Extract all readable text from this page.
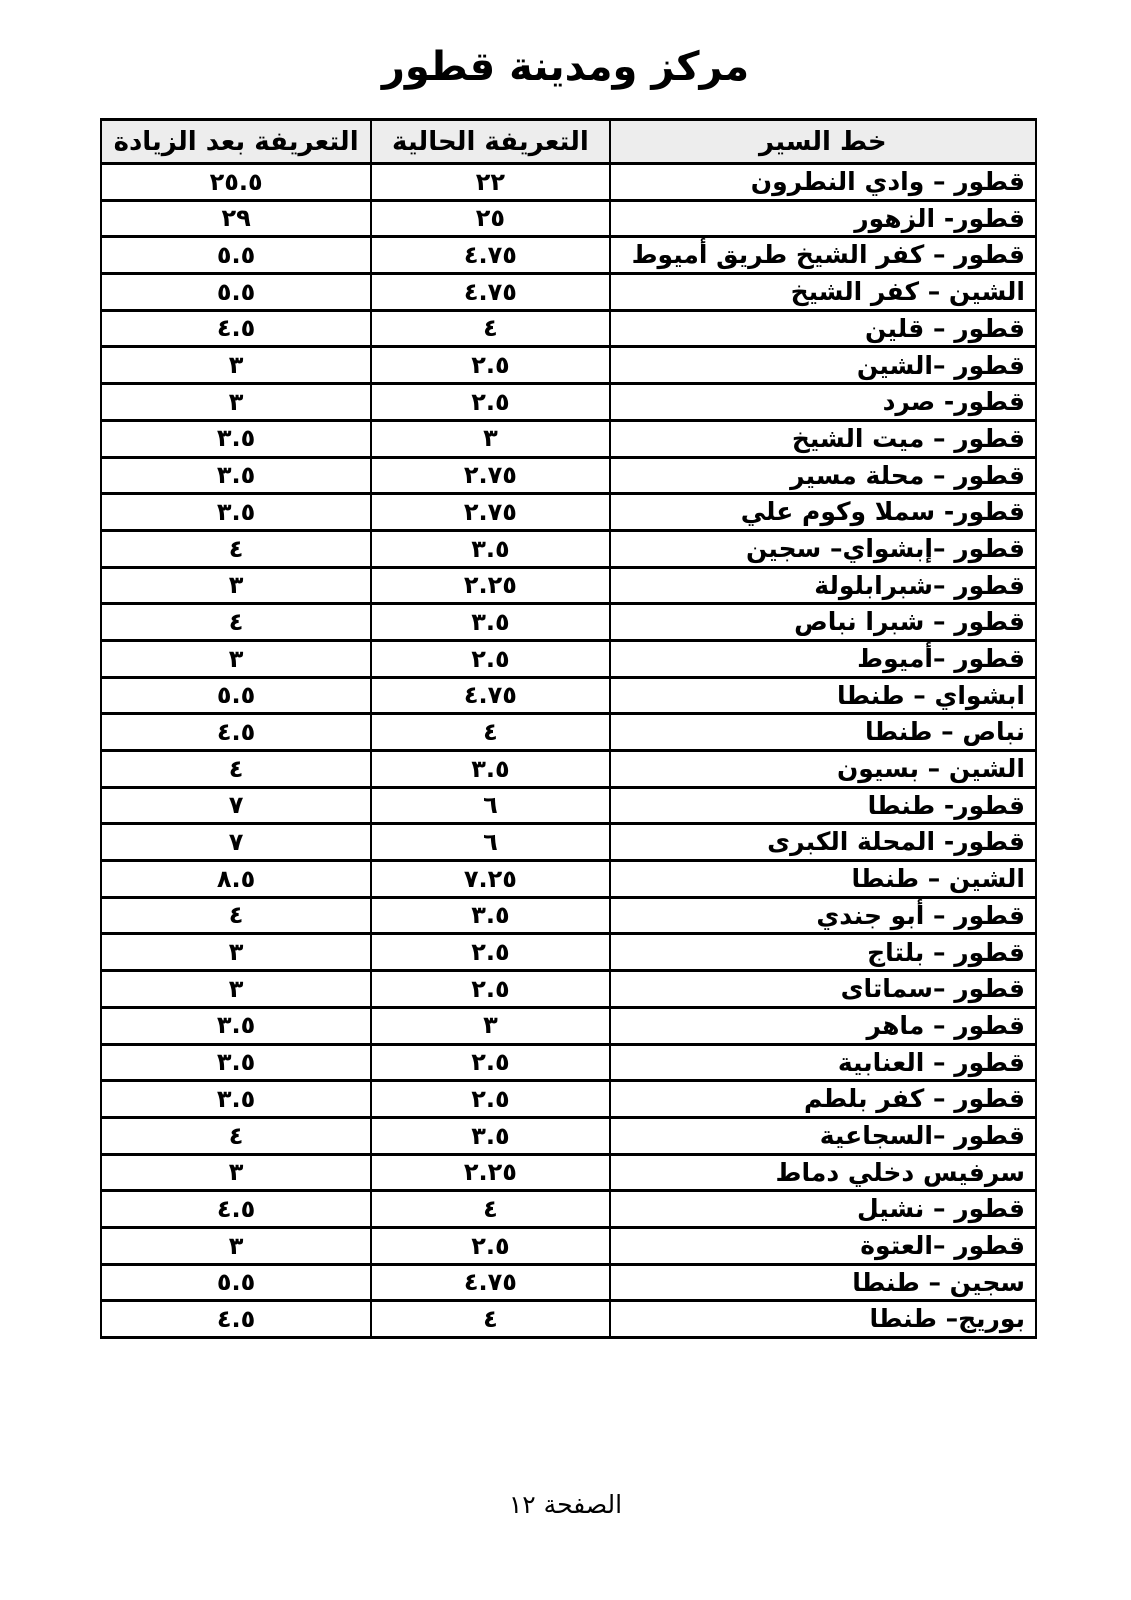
مركز ومدينة قطور
خط السير	التعريفة الحالية	التعريفة بعد الزيادة
قطور – وادي النطرون	٢٢	٢٥.٥
قطور- الزهور	٢٥	٢٩
قطور – كفر الشيخ طريق أميوط	٤.٧٥	٥.٥
الشين – كفر الشيخ	٤.٧٥	٥.٥
قطور – قلين	٤	٤.٥
قطور –الشين	٢.٥	٣
قطور- صرد	٢.٥	٣
قطور – ميت الشيخ	٣	٣.٥
قطور – محلة مسير	٢.٧٥	٣.٥
قطور- سملا وكوم علي	٢.٧٥	٣.٥
قطور –إبشواي– سجين	٣.٥	٤
قطور –شبرابلولة	٢.٢٥	٣
قطور – شبرا نباص	٣.٥	٤
قطور –أميوط	٢.٥	٣
ابشواي – طنطا	٤.٧٥	٥.٥
نباص – طنطا	٤	٤.٥
الشين – بسيون	٣.٥	٤
قطور- طنطا	٦	٧
قطور- المحلة الكبرى	٦	٧
الشين – طنطا	٧.٢٥	٨.٥
قطور – أبو جندي	٣.٥	٤
قطور – بلتاج	٢.٥	٣
قطور –سماتاى	٢.٥	٣
قطور – ماهر	٣	٣.٥
قطور – العنابية	٢.٥	٣.٥
قطور – كفر بلطم	٢.٥	٣.٥
قطور –السجاعية	٣.٥	٤
سرفيس دخلي دماط	٢.٢٥	٣
قطور – نشيل	٤	٤.٥
قطور –العتوة	٢.٥	٣
سجين – طنطا	٤.٧٥	٥.٥
بوريج– طنطا	٤	٤.٥
الصفحة ١٢
